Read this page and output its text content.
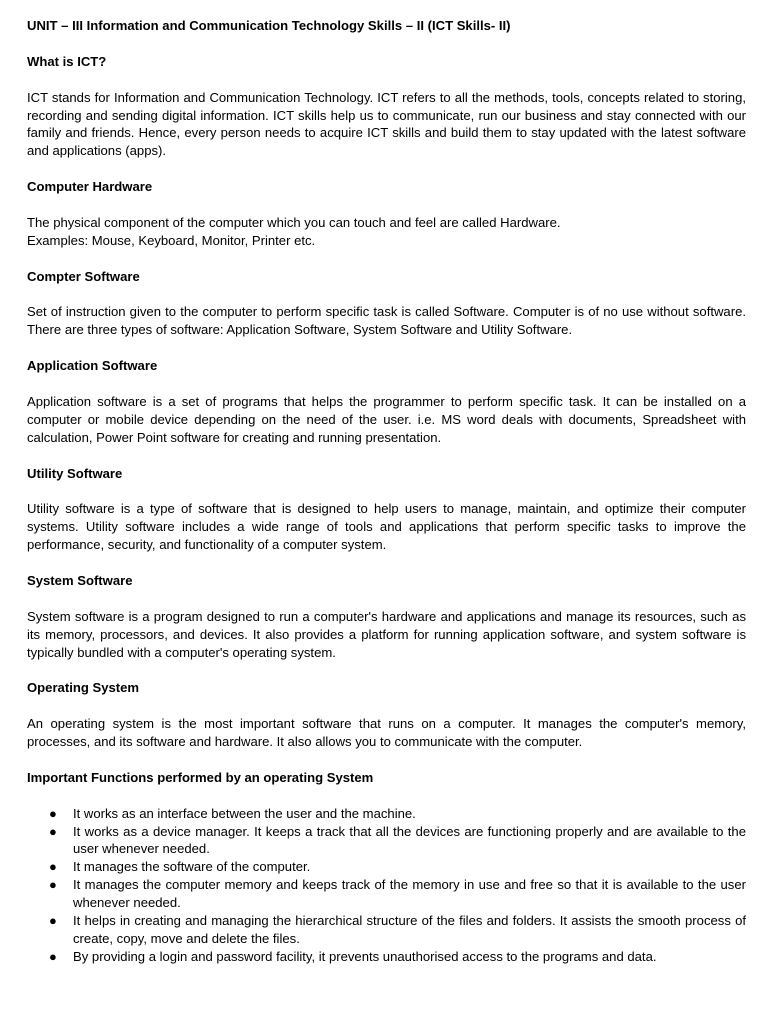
UNIT – III Information and Communication Technology Skills – II (ICT Skills- II)
What is ICT?
ICT stands for Information and Communication Technology. ICT refers to all the methods, tools, concepts related to storing, recording and sending digital information. ICT skills help us to communicate, run our business and stay connected with our family and friends. Hence, every person needs to acquire ICT skills and build them to stay updated with the latest software and applications (apps).
Computer Hardware
The physical component of the computer which you can touch and feel are called Hardware.
Examples: Mouse, Keyboard, Monitor, Printer etc.
Compter Software
Set of instruction given to the computer to perform specific task is called Software. Computer is of no use without software. There are three types of software: Application Software, System Software and Utility Software.
Application Software
Application software is a set of programs that helps the programmer to perform specific task. It can be installed on a computer or mobile device depending on the need of the user. i.e. MS word deals with documents, Spreadsheet with calculation, Power Point software for creating and running presentation.
Utility Software
Utility software is a type of software that is designed to help users to manage, maintain, and optimize their computer systems. Utility software includes a wide range of tools and applications that perform specific tasks to improve the performance, security, and functionality of a computer system.
System Software
System software is a program designed to run a computer's hardware and applications and manage its resources, such as its memory, processors, and devices. It also provides a platform for running application software, and system software is typically bundled with a computer's operating system.
Operating System
An operating system is the most important software that runs on a computer. It manages the computer's memory, processes, and its software and hardware. It also allows you to communicate with the computer.
Important Functions performed by an operating System
● It works as an interface between the user and the machine.
● It works as a device manager. It keeps a track that all the devices are functioning properly and are available to the user whenever needed.
● It manages the software of the computer.
● It manages the computer memory and keeps track of the memory in use and free so that it is available to the user whenever needed.
● It helps in creating and managing the hierarchical structure of the files and folders. It assists the smooth process of create, copy, move and delete the files.
● By providing a login and password facility, it prevents unauthorised access to the programs and data.
